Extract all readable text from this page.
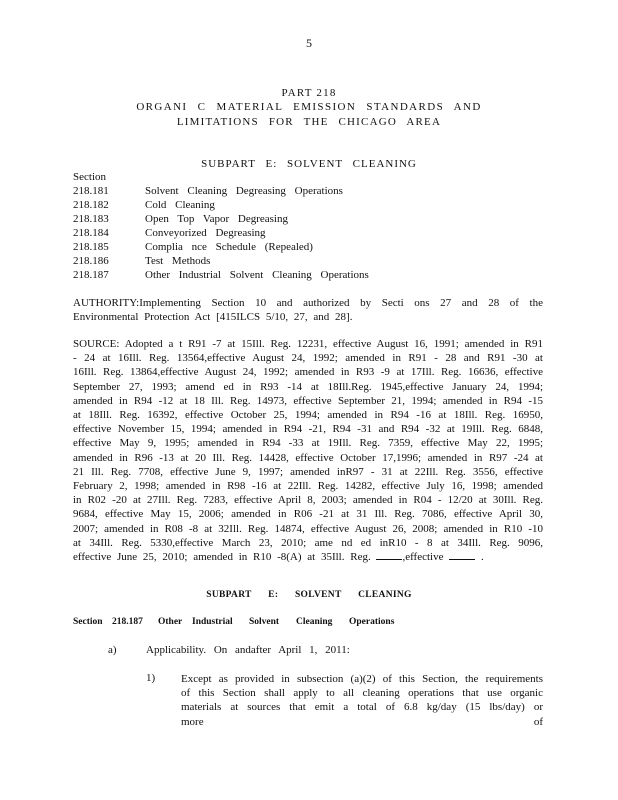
5
PART 218
ORGANI C MATERIAL EMISSION STANDARDS AND
LIMITATIONS FOR THE CHICAGO AREA
SUBPART E: SOLVENT CLEANING
Section
218.181	Solvent Cleaning Degreasing Operations
218.182	Cold Cleaning
218.183	Open Top Vapor Degreasing
218.184	Conveyorized Degreasing
218.185	Complia nce Schedule (Repealed)
218.186	Test Methods
218.187	Other Industrial Solvent Cleaning Operations
AUTHORITY:Implementing Section 10 and authorized by Secti ons 27 and 28 of the Environmental Protection Act [415ILCS 5/10, 27, and 28].
SOURCE: Adopted a t R91 -7 at 15Ill. Reg. 12231, effective August 16, 1991; amended in R91 - 24 at 16Ill. Reg. 13564,effective August 24, 1992; amended in R91 - 28 and R91 -30 at 16Ill. Reg. 13864,effective August 24, 1992; amended in R93 -9 at 17Ill. Reg. 16636, effective September 27, 1993; amend ed in R93 -14 at 18Ill.Reg. 1945,effective January 24, 1994; amended in R94 -12 at 18 Ill. Reg. 14973, effective September 21, 1994; amended in R94 -15 at 18Ill. Reg. 16392, effective October 25, 1994; amended in R94 -16 at 18Ill. Reg. 16950, effective November 15, 1994; amended in R94 -21, R94 -31 and R94 -32 at 19Ill. Reg. 6848, effective May 9, 1995; amended in R94 -33 at 19Ill. Reg. 7359, effective May 22, 1995; amended in R96 -13 at 20 Ill. Reg. 14428, effective October 17,1996; amended in R97 -24 at 21 Ill. Reg. 7708, effective June 9, 1997; amended inR97 - 31 at 22Ill. Reg. 3556, effective February 2, 1998; amended in R98 -16 at 22Ill. Reg. 14282, effective July 16, 1998; amended in R02 -20 at 27Ill. Reg. 7283, effective April 8, 2003; amended in R04 - 12/20 at 30Ill. Reg. 9684, effective May 15, 2006; amended in R06 -21 at 31 Ill. Reg. 7086, effective April 30, 2007; amended in R08 -8 at 32Ill. Reg. 14874, effective August 26, 2008; amended in R10 -10 at 34Ill. Reg. 5330,effective March 23, 2010; ame nd ed inR10 - 8 at 34Ill. Reg. 9096, effective June 25, 2010; amended in R10 -8(A) at 35Ill. Reg.	,effective	.
SUBPART E: SOLVENT CLEANING
Section 218.187 Other Industrial Solvent Cleaning Operations
a)	Applicability. On andafter April 1, 2011:
1) Except as provided in subsection (a)(2) of this Section, the requirements of this Section shall apply to all cleaning operations that use organic materials at sources that emit a total of 6.8 kg/day (15 lbs/day) or more of
